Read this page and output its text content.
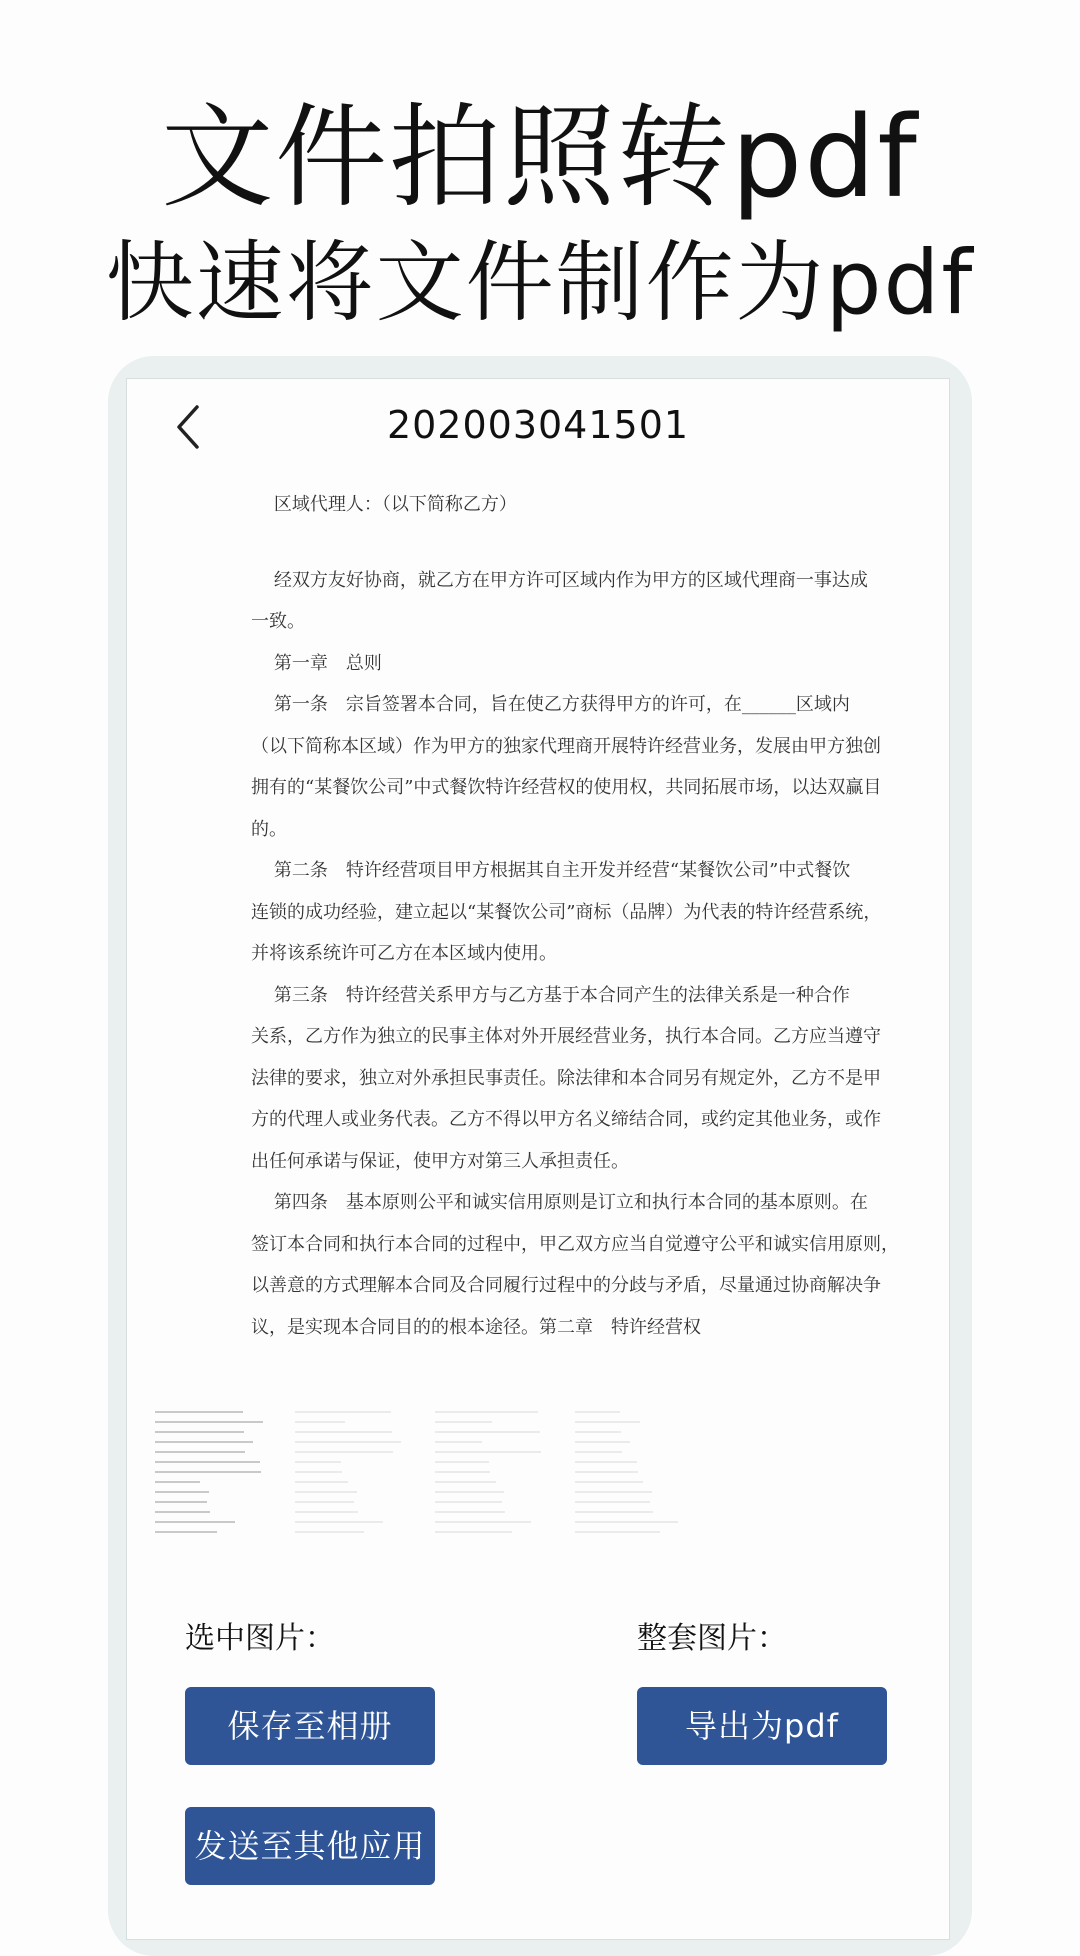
文件拍照转pdf
快速将文件制作为pdf
202003041501
区域代理人：（以下简称乙方）
经双方友好协商，就乙方在甲方许可区域内作为甲方的区域代理商一事达成
一致。
第一章　总则
第一条　宗旨签署本合同，旨在使乙方获得甲方的许可，在______区域内
（以下简称本区域）作为甲方的独家代理商开展特许经营业务，发展由甲方独创
拥有的“某餐饮公司”中式餐饮特许经营权的使用权，共同拓展市场，以达双赢目
的。
第二条　特许经营项目甲方根据其自主开发并经营“某餐饮公司”中式餐饮
连锁的成功经验，建立起以“某餐饮公司”商标（品牌）为代表的特许经营系统，
并将该系统许可乙方在本区域内使用。
第三条　特许经营关系甲方与乙方基于本合同产生的法律关系是一种合作
关系，乙方作为独立的民事主体对外开展经营业务，执行本合同。乙方应当遵守
法律的要求，独立对外承担民事责任。除法律和本合同另有规定外，乙方不是甲
方的代理人或业务代表。乙方不得以甲方名义缔结合同，或约定其他业务，或作
出任何承诺与保证，使甲方对第三人承担责任。
第四条　基本原则公平和诚实信用原则是订立和执行本合同的基本原则。在
签订本合同和执行本合同的过程中，甲乙双方应当自觉遵守公平和诚实信用原则，
以善意的方式理解本合同及合同履行过程中的分歧与矛盾，尽量通过协商解决争
议，是实现本合同目的的根本途径。第二章　特许经营权
选中图片：	整套图片：
保存至相册	导出为pdf
发送至其他应用
